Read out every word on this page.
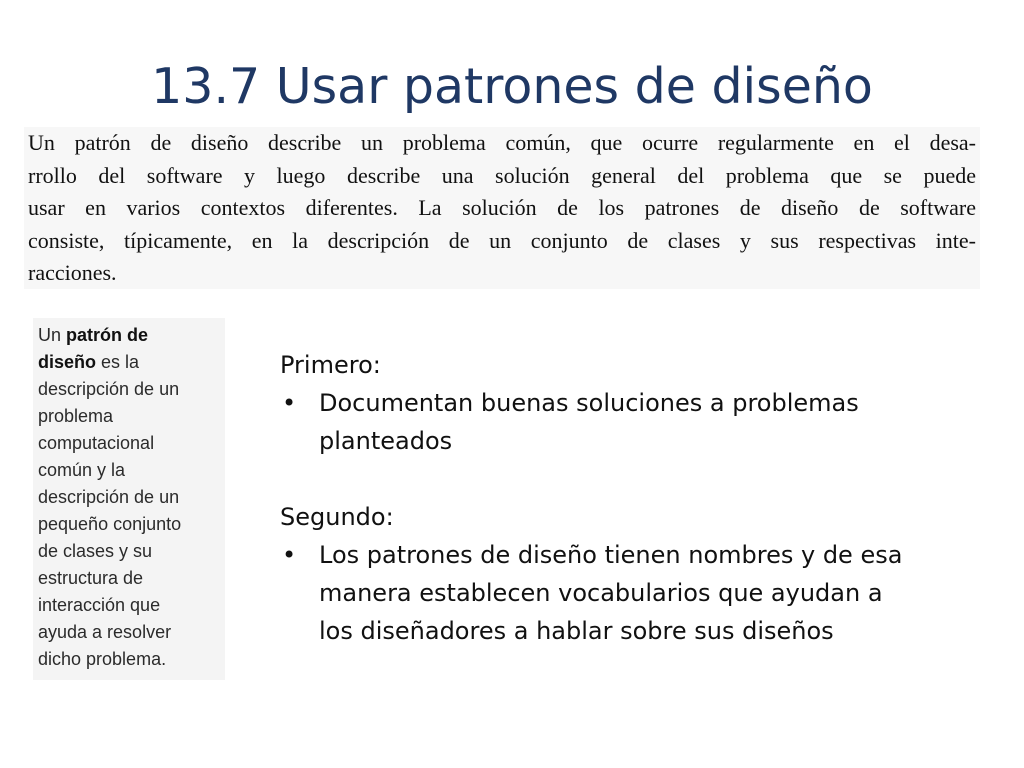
13.7 Usar patrones de diseño

Un patrón de diseño describe un problema común, que ocurre regularmente en el desa-
rrollo del software y luego describe una solución general del problema que se puede
usar en varios contextos diferentes. La solución de los patrones de diseño de software
consiste, típicamente, en la descripción de un conjunto de clases y sus respectivas inte-
racciones.

Un patrón de
diseño es la
descripción de un
problema
computacional
común y la
descripción de un
pequeño conjunto
de clases y su
estructura de
interacción que
ayuda a resolver
dicho problema.
Primero:
• Documentan buenas soluciones a problemas
planteados
Segundo:
• Los patrones de diseño tienen nombres y de esa
manera establecen vocabularios que ayudan a
los diseñadores a hablar sobre sus diseños
